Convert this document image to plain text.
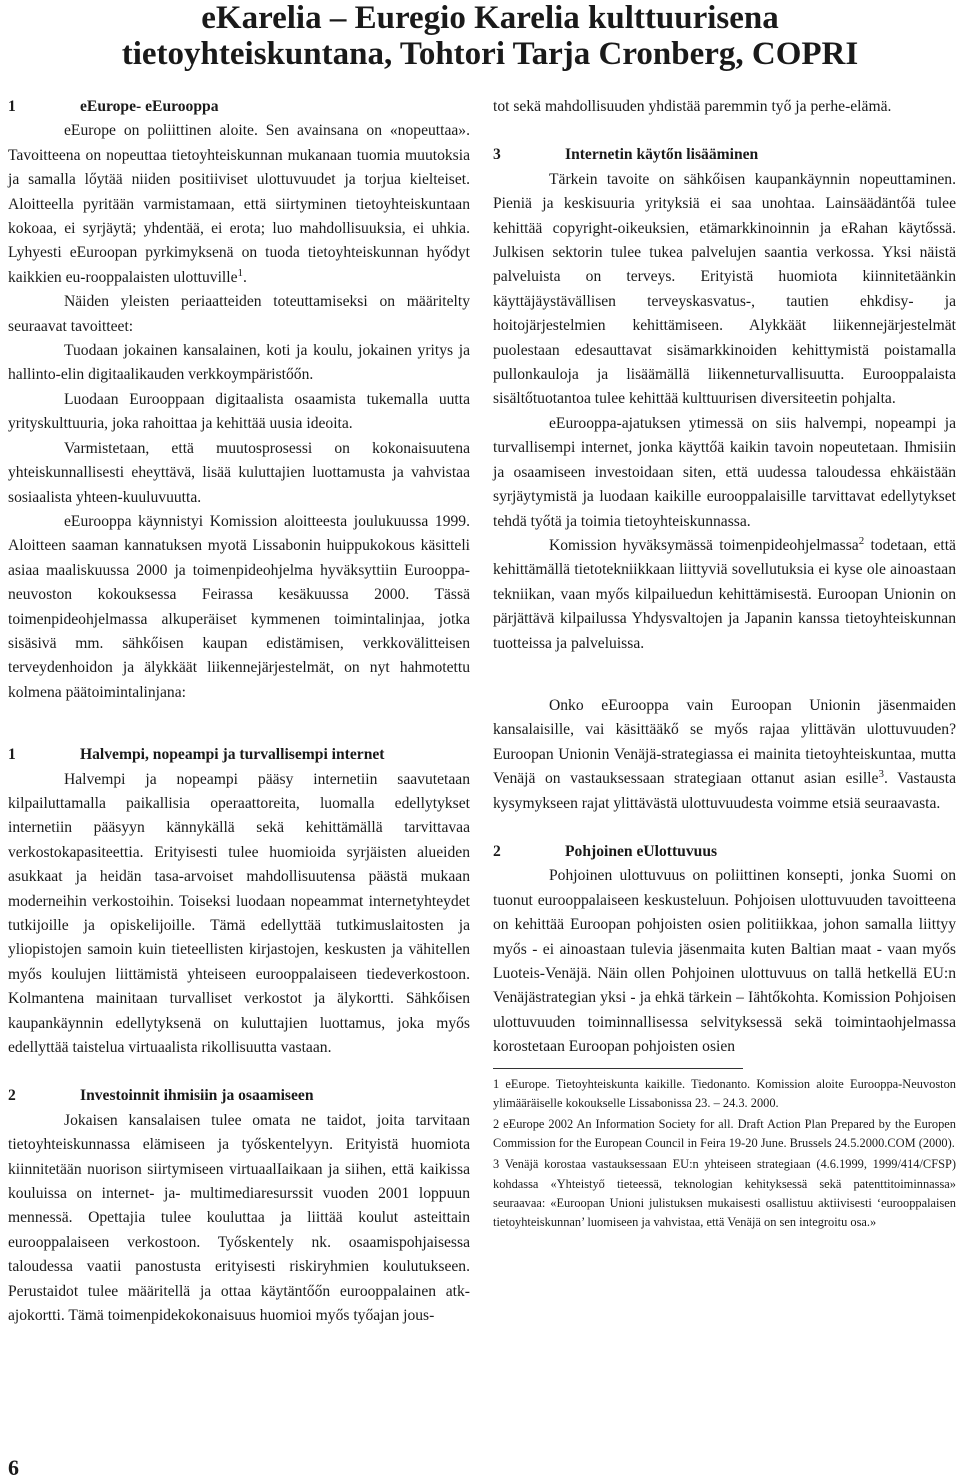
eKarelia – Euregio Karelia kulttuurisena
tietoyhteiskuntana, Tohtori Tarja Cronberg, COPRI
1	eEurope- eEurooppa

eEurope on poliittinen aloite. Sen avainsana on «nopeuttaa». Tavoitteena on nopeuttaa tietoyhteiskunnan mukanaan tuomia muutoksia ja samalla lőytää niiden positiiviset ulottuvuudet ja torjua kielteiset. Aloitteella pyritään varmistamaan, että siirtyminen tietoyhteiskuntaan kokoaa, ei syrjäytä; yhdentää, ei erota; luo mahdollisuuksia, ei uhkia. Lyhyesti eEuroopan pyrkimyksenä on tuoda tietoyhteiskunnan hyődyt kaikkien eu-rooppalaisten ulottuville$^1$.

Näiden yleisten periaatteiden toteuttamiseksi on määritelty seuraavat tavoitteet:

Tuodaan jokainen kansalainen, koti ja koulu, jokainen yritys ja hallinto-elin digitaalikauden verkkoympäristőőn.

Luodaan Eurooppaan digitaalista osaamista tukemalla uutta yrityskulttuuria, joka rahoittaa ja kehittää uusia ideoita.

Varmistetaan, että muutosprosessi on kokonaisuutena yhteiskunnallisesti eheyttävä, lisää kuluttajien luottamusta ja vahvistaa sosiaalista yhteen-kuuluvuutta.

eEurooppa käynnistyi Komission aloitteesta joulukuussa 1999. Aloitteen saaman kannatuksen myotä Lissabonin huippukokous käsitteli asiaa maaliskuussa 2000 ja toimenpideohjelma hyväksyttiin Eurooppa-neuvoston kokouksessa Feirassa kesäkuussa 2000. Tässä toimenpideohjelmassa alkuperäiset kymmenen toimintalinjaa, jotka sisäsivä mm. sähkőisen kaupan edistämisen, verkkovälitteisen terveydenhoidon ja älykkäät liikennejärjestelmät, on nyt hahmotettu kolmena päätoimintalinjana:

1	Halvempi, nopeampi ja turvallisempi internet

Halvempi ja nopeampi pääsy internetiin saavutetaan kilpailuttamalla paikallisia operaattoreita, luomalla edellytykset internetiin pääsyyn kännykällä sekä kehittämällä tarvittavaa verkostokapasiteettia. Erityisesti tulee huomioida syrjäisten alueiden asukkaat ja heidän tasa-arvoiset mahdollisuutensa päästä mukaan moderneihin verkostoihin. Toiseksi luodaan nopeammat internetyhteydet tutkijoille ja opiskelijoille. Tämä edellyttää tutkimuslaitosten ja yliopistojen samoin kuin tieteellisten kirjastojen, keskusten ja vähitellen myős koulujen liittämistä yhteiseen eurooppalaiseen tiedeverkostoon. Kolmantena mainitaan turvalliset verkostot ja älykortti. Sähkőisen kaupankäynnin edellytyksenä on kuluttajien luottamus, joka myős edellyttää taistelua virtuaalista rikollisuutta vastaan.

2	Investoinnit ihmisiin ja osaamiseen

Jokaisen kansalaisen tulee omata ne taidot, joita tarvitaan tietoyhteiskunnassa elämiseen ja tyőskentelyyn. Erityistä huomiota kiinnitetään nuorison siirtymiseen virtuaalIaikaan ja siihen, että kaikissa kouluissa on internet- ja- multimediaresurssit vuoden 2001 loppuun mennessä. Opettajia tulee kouluttaa ja liittää koulut asteittain eurooppalaiseen verkostoon. Tyőskentely nk. osaamispohjaisessa taloudessa vaatii panostusta erityisesti riskiryhmien koulutukseen. Perustaidot tulee määritellä ja ottaa käytäntőőn eurooppalainen atk-ajokortti. Tämä toimenpidekokonaisuus huomioi myős tyőajan jous-

tot sekä mahdollisuuden yhdistää paremmin tyő ja perhe-elämä.

3	Internetin käytőn lisääminen

Tärkein tavoite on sähkőisen kaupankäynnin nopeuttaminen. Pieniä ja keskisuuria yrityksiä ei saa unohtaa. Lainsäädäntőä tulee kehittää copyright-oikeuksien, etämarkkinoinnin ja eRahan käytőssä. Julkisen sektorin tulee tukea palvelujen saantia verkossa. Yksi näistä palveluista on terveys. Erityistä huomiota kiinnitetäänkin käyttäjäystävällisen terveyskasvatus-, tautien ehkdisy- ja hoitojärjestelmien kehittämiseen. Alykkäät liikennejärjestelmät puolestaan edesauttavat sisämarkkinoiden kehittymistä poistamalla pullonkauloja ja lisäämällä liikenneturvallisuutta. Eurooppalaista sisältőtuotantoa tulee kehittää kulttuurisen diversiteetin pohjalta.

eEurooppa-ajatuksen ytimessä on siis halvempi, nopeampi ja turvallisempi internet, jonka käyttőä kaikin tavoin nopeutetaan. Ihmisiin ja osaamiseen investoidaan siten, että uudessa taloudessa ehkäistään syrjäytymistä ja luodaan kaikille eurooppalaisille tarvittavat edellytykset tehdä tyőtä ja toimia tietoyhteiskunnassa.

Komission hyväksymässä toimenpideohjelmassa$^2$ todetaan, että kehittämällä tietotekniikkaan liittyviä sovellutuksia ei kyse ole ainoastaan tekniikan, vaan myős kilpailuedun kehittämisestä. Euroopan Unionin on pärjättävä kilpailussa Yhdysvaltojen ja Japanin kanssa tietoyhteiskunnan tuotteissa ja palveluissa.

Onko eEurooppa vain Euroopan Unionin jäsenmaiden kansalaisille, vai käsittääkő se myős rajaa ylittävän ulottuvuuden? Euroopan Unionin Venäjä-strategiassa ei mainita tietoyhteiskuntaa, mutta Venäjä on vastauksessaan strategiaan ottanut asian esille$^3$. Vastausta kysymykseen rajat ylittävästä ulottuvuudesta voimme etsiä seuraavasta.

2	Pohjoinen eUlottuvuus

Pohjoinen ulottuvuus on poliittinen konsepti, jonka Suomi on tuonut eurooppalaiseen keskusteluun. Pohjoisen ulottuvuuden tavoitteena on kehittää Euroopan pohjoisten osien politiikkaa, johon samalla liittyy myős - ei ainoastaan tulevia jäsenmaita kuten Baltian maat - vaan myős Luoteis-Venäjä. Näin ollen Pohjoinen ulottuvuus on tallä hetkellä EU:n Venäjästrategian yksi - ja ehkä tärkein – Iähtőkohta. Komission Pohjoisen ulottuvuuden toiminnallisessa selvityksessä sekä toimintaohjelmassa korostetaan Euroopan pohjoisten osien

1 eEurope. Tietoyhteiskunta kaikille. Tiedonanto. Komission aloite Eurooppa-Neuvoston ylimääräiselle kokoukselle Lissabonissa 23. – 24.3. 2000.

2 eEurope 2002 An Information Society for all. Draft Action Plan Prepared by the Europen Commission for the European Council in Feira 19-20 June. Brussels 24.5.2000.COM (2000).

3 Venäjä korostaa vastauksessaan EU:n yhteiseen strategiaan (4.6.1999, 1999/414/CFSP) kohdassa «Yhteistyő tieteessä, teknologian kehityksessä sekä patenttitoiminnassa» seuraavaa: «Euroopan Unioni julistuksen mukaisesti osallistuu aktiivisesti ‘eurooppalaisen tietoyhteiskunnan’ luomiseen ja vahvistaa, että Venäjä on sen integroitu osa.»

6
